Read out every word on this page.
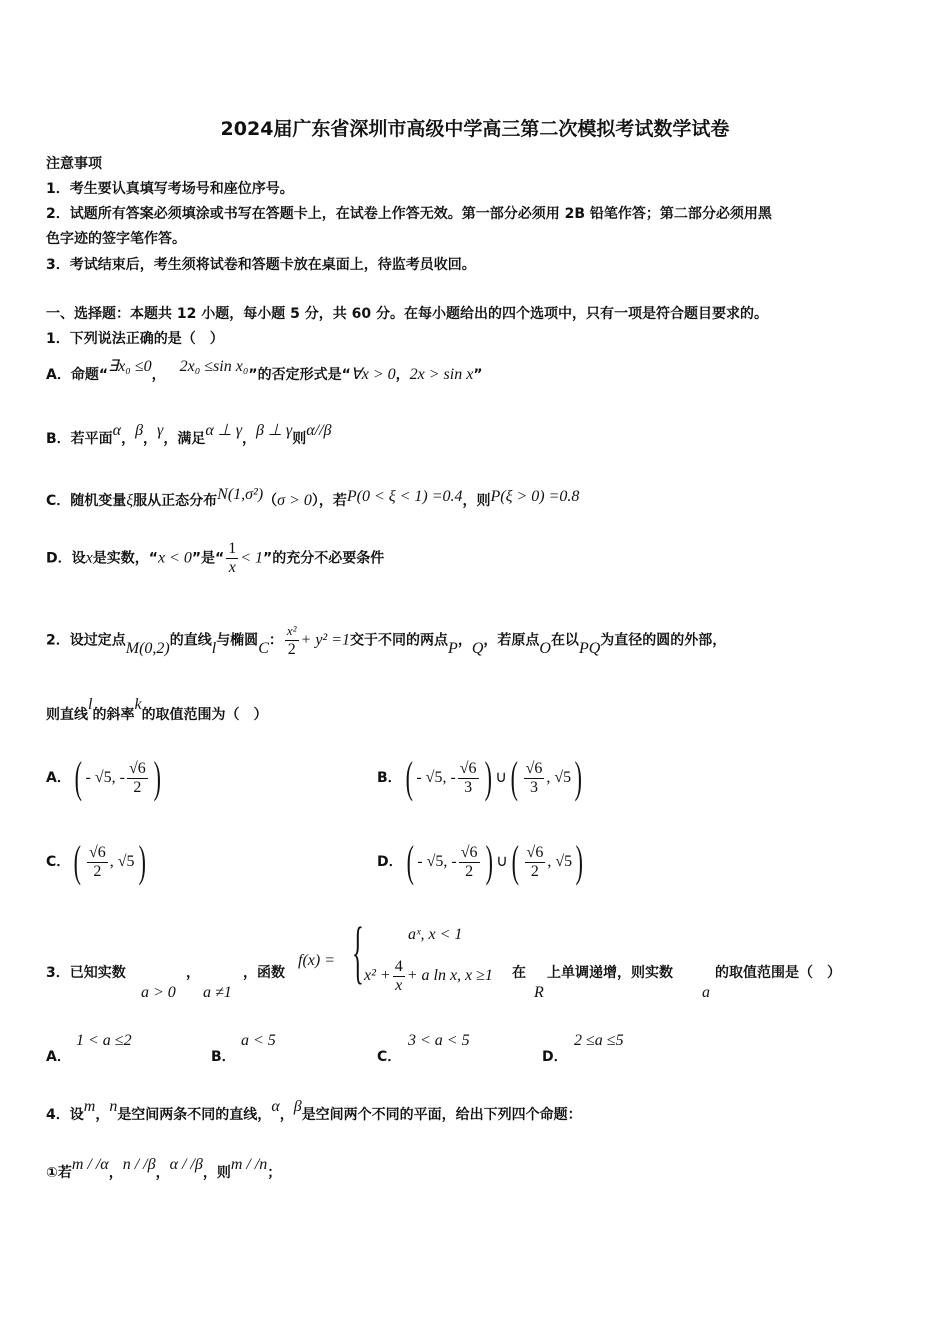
2024届广东省深圳市高级中学高三第二次模拟考试数学试卷
注意事项
1．考生要认真填写考场号和座位序号。
2．试题所有答案必须填涂或书写在答题卡上，在试卷上作答无效。第一部分必须用 2B 铅笔作答；第二部分必须用黑
色字迹的签字笔作答。
3．考试结束后，考生须将试卷和答题卡放在桌面上，待监考员收回。
一、选择题：本题共 12 小题，每小题 5 分，共 60 分。在每小题给出的四个选项中，只有一项是符合题目要求的。
1．下列说法正确的是（　）
A．命题“∃x₀ ≤0， 2x₀ ≤sin x₀”的否定形式是“∀x > 0，2x > sin x”
B．若平面α，β，γ，满足α ⊥ γ，β ⊥ γ则α//β
C．随机变量ξ服从正态分布N(1,σ²)（σ > 0），若P(0 < ξ < 1) =0.4，则P(ξ > 0) =0.8
D．设x是实数，“x < 0”是“ $\frac{1}{x} < 1$”的充分不必要条件
2．设过定点M(0,2)的直线l与椭圆C： $\frac{\text{x²}}{2} + y^2 =1$交于不同的两点P，Q，若原点O在以PQ为直径的圆的外部，
则直线l的斜率k的取值范围为（　）
A．( - √5, - $\frac{√6}{2}$ )	B．( - √5, - $\frac{√6}{3}$ ) ∪( $\frac{√6}{3}$ , √5)
C．( $\frac{√6}{2}$ , √5)	D．( - √5, - $\frac{√6}{2}$ ) ∪( $\frac{√6}{2}$ , √5)
3．已知实数
a > 0
，
a ≠1
，函数
f(x) = {	aˣ, x < 1
$x^2 + \frac{4}{x} + a$ ln x, x ≥1 在
R
上单调递增，则实数
a
的取值范围是（　）
A．
1 < a ≤2
B．
a < 5
C．
3 < a < 5
D．
2 ≤a ≤5
4．设m，n是空间两条不同的直线，α，β是空间两个不同的平面，给出下列四个命题：
①若m / /α，n / /β，α / /β，则m / /n；
